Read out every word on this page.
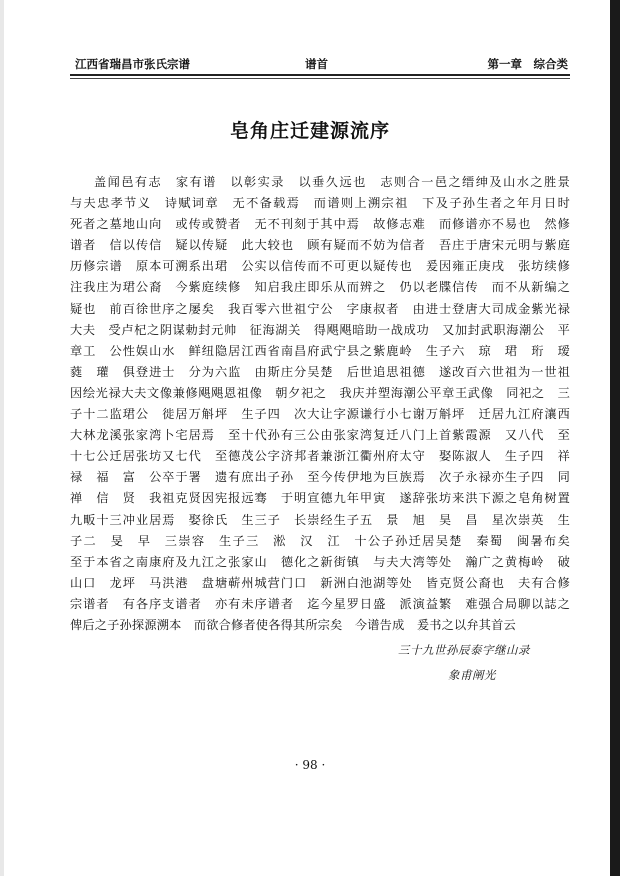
江西省瑞昌市张氏宗谱	谱首	第一章　综合类
皂角庄迁建源流序
盖闻邑有志　家有谱　以彰实录　以垂久远也　志则合一邑之缙绅及山水之胜景
与夫忠孝节义　诗赋词章　无不备载焉　而谱则上溯宗祖　下及子孙生者之年月日时
死者之墓地山向　或传或赞者　无不刊刻于其中焉　故修志难　而修谱亦不易也　然修
谱者　信以传信　疑以传疑　此大较也　顾有疑而不妨为信者　吾庄于唐宋元明与紫庭
历修宗谱　原本可溯系出珺　公实以信传而不可更以疑传也　爰因雍正庚戌　张坊续修
注我庄为珺公裔　今紫庭续修　知启我庄即乐从而辨之　仍以老牒信传　而不从新编之
疑也　前百徐世序之屡矣　我百零六世祖宁公　字康叔者　由进士登唐大司成金紫光禄
大夫　受卢杞之阴谋勅封元帅　征海湖关　得飓飓暗助一战成功　又加封武职海潮公　平
章工　公性娱山水　鲜纽隐居江西省南昌府武宁县之紫鹿岭　生子六　琼　珺　珩　瑷
蕤　瓘　俱登进士　分为六监　由斯庄分吴楚　后世追思祖德　遂改百六世祖为一世祖
因绘光禄大夫文像兼修飓飓恩祖像　朝夕祀之　我庆并塑海潮公平章王武像　同祀之　三
子十二监珺公　徙居万斛坪　生子四　次大让字源谦行小七谢万斛坪　迁居九江府瀼西
大林龙溪张家湾卜宅居焉　至十代孙有三公由张家湾复迁八门上首紫霞源　又八代　至
十七公迁居张坊又七代　至德茂公字济邦者兼浙江衢州府太守　娶陈淑人　生子四　祥
禄　福　富　公卒于署　遗有庶出子孙　至今传伊地为巨族焉　次子永禄亦生子四　同
禅　信　贤　我祖克贤因宪报远骞　于明宣德九年甲寅　遂辞张坊来洪下源之皂角树置
九畈十三冲业居焉　娶徐氏　生三子　长崇经生子五　景　旭　昊　昌　星次崇英　生
子二　旻　早　三崇容　生子三　淞　汉　江　十公子孙迁居吴楚　秦蜀　闽暑布矣
至于本省之南康府及九江之张家山　德化之新街镇　与夫大湾等处　瀚广之黄梅岭　破
山口　龙坪　马洪港　盘塘蕲州城营门口　新洲白池湖等处　皆克贤公裔也　夫有合修
宗谱者　有各序支谱者　亦有未序谱者　迄今星罗日盛　派演益繁　难强合局聊以誌之
俾后之子孙探源溯本　而欲合修者使各得其所宗矣　今谱告成　爰书之以弁其首云
三十九世孙辰泰字继山录
象甫阐光
· 98 ·
